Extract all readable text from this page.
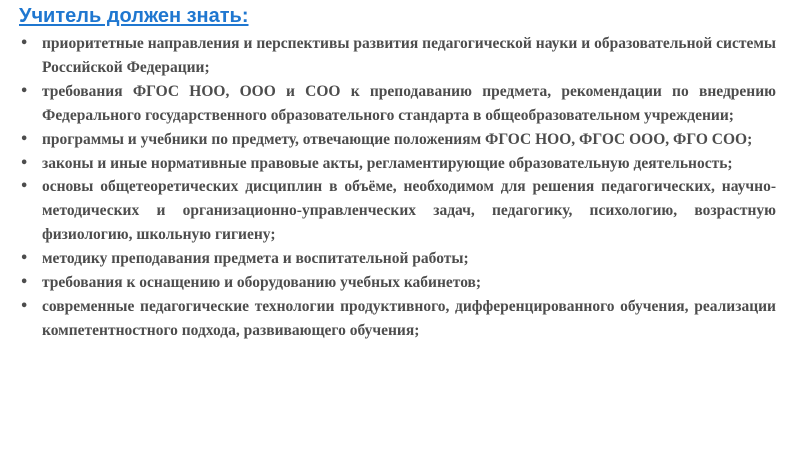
Учитель должен знать:
• приоритетные направления и перспективы развития педагогической науки и образовательной системы Российской Федерации;
• требования ФГОС НОО, ООО и СОО к преподаванию предмета, рекомендации по внедрению Федерального государственного образовательного стандарта в общеобразовательном учреждении;
• программы и учебники по предмету, отвечающие положениям ФГОС НОО, ФГОС ООО, ФГО СОО;
• законы и иные нормативные правовые акты, регламентирующие образовательную деятельность;
• основы общетеоретических дисциплин в объёме, необходимом для решения педагогических, научно-методических и организационно-управленческих задач, педагогику, психологию, возрастную физиологию, школьную гигиену;
• методику преподавания предмета и воспитательной работы;
• требования к оснащению и оборудованию учебных кабинетов;
• современные педагогические технологии продуктивного, дифференцированного обучения, реализации компетентностного подхода, развивающего обучения;
